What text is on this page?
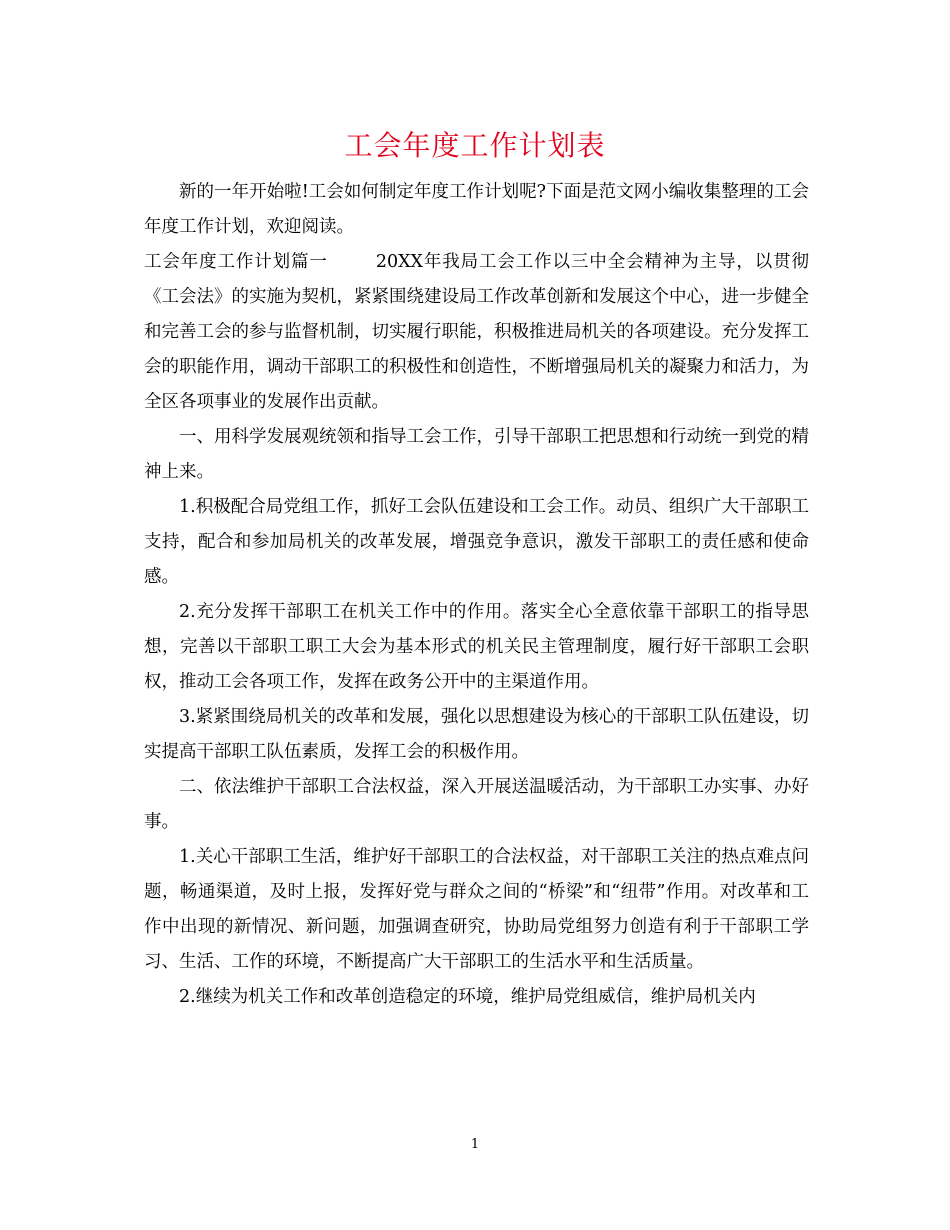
工会年度工作计划表

新的一年开始啦!工会如何制定年度工作计划呢?下面是范文网小编收集整理的工会年度工作计划，欢迎阅读。

工会年度工作计划篇一	20XX年我局工会工作以三中全会精神为主导，以贯彻《工会法》的实施为契机，紧紧围绕建设局工作改革创新和发展这个中心，进一步健全和完善工会的参与监督机制，切实履行职能，积极推进局机关的各项建设。充分发挥工会的职能作用，调动干部职工的积极性和创造性，不断增强局机关的凝聚力和活力，为全区各项事业的发展作出贡献。

一、用科学发展观统领和指导工会工作，引导干部职工把思想和行动统一到党的精神上来。

1.积极配合局党组工作，抓好工会队伍建设和工会工作。动员、组织广大干部职工支持，配合和参加局机关的改革发展，增强竞争意识，激发干部职工的责任感和使命感。

2.充分发挥干部职工在机关工作中的作用。落实全心全意依靠干部职工的指导思想，完善以干部职工职工大会为基本形式的机关民主管理制度，履行好干部职工会职权，推动工会各项工作，发挥在政务公开中的主渠道作用。

3.紧紧围绕局机关的改革和发展，强化以思想建设为核心的干部职工队伍建设，切实提高干部职工队伍素质，发挥工会的积极作用。

二、依法维护干部职工合法权益，深入开展送温暖活动，为干部职工办实事、办好事。

1.关心干部职工生活，维护好干部职工的合法权益，对干部职工关注的热点难点问题，畅通渠道，及时上报，发挥好党与群众之间的“桥梁”和“纽带”作用。对改革和工作中出现的新情况、新问题，加强调查研究，协助局党组努力创造有利于干部职工学习、生活、工作的环境，不断提高广大干部职工的生活水平和生活质量。

2.继续为机关工作和改革创造稳定的环境，维护局党组威信，维护局机关内

1
